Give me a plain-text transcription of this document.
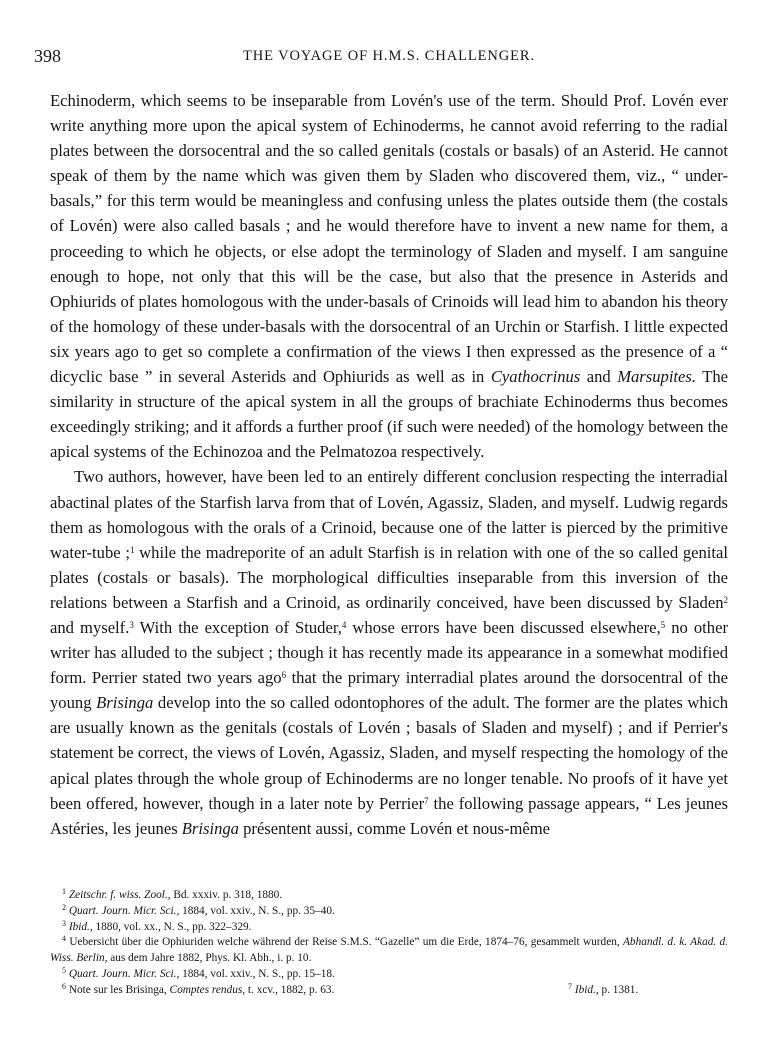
398	THE VOYAGE OF H.M.S. CHALLENGER.

Echinoderm, which seems to be inseparable from Lovén's use of the term. Should Prof. Lovén ever write anything more upon the apical system of Echinoderms, he cannot avoid referring to the radial plates between the dorsocentral and the so called genitals (costals or basals) of an Asterid. He cannot speak of them by the name which was given them by Sladen who discovered them, viz., “ under-basals,” for this term would be meaningless and confusing unless the plates outside them (the costals of Lovén) were also called basals ; and he would therefore have to invent a new name for them, a proceeding to which he objects, or else adopt the terminology of Sladen and myself. I am sanguine enough to hope, not only that this will be the case, but also that the presence in Asterids and Ophiurids of plates homologous with the under-basals of Crinoids will lead him to abandon his theory of the homology of these under-basals with the dorsocentral of an Urchin or Starfish. I little expected six years ago to get so complete a confirmation of the views I then expressed as the presence of a “ dicyclic base ” in several Asterids and Ophiurids as well as in Cyathocrinus and Marsupites. The similarity in structure of the apical system in all the groups of brachiate Echinoderms thus becomes exceedingly striking; and it affords a further proof (if such were needed) of the homology between the apical systems of the Echinozoa and the Pelmatozoa respectively.

Two authors, however, have been led to an entirely different conclusion respecting the interradial abactinal plates of the Starfish larva from that of Lovén, Agassiz, Sladen, and myself. Ludwig regards them as homologous with the orals of a Crinoid, because one of the latter is pierced by the primitive water-tube ;$^1$ while the madreporite of an adult Starfish is in relation with one of the so called genital plates (costals or basals). The morphological difficulties inseparable from this inversion of the relations between a Starfish and a Crinoid, as ordinarily conceived, have been discussed by Sladen$^2$ and myself.$^3$ With the exception of Studer,$^4$ whose errors have been discussed elsewhere,$^5$ no other writer has alluded to the subject ; though it has recently made its appearance in a somewhat modified form. Perrier stated two years ago$^6$ that the primary interradial plates around the dorsocentral of the young Brisinga develop into the so called odontophores of the adult. The former are the plates which are usually known as the genitals (costals of Lovén ; basals of Sladen and myself) ; and if Perrier's statement be correct, the views of Lovén, Agassiz, Sladen, and myself respecting the homology of the apical plates through the whole group of Echinoderms are no longer tenable. No proofs of it have yet been offered, however, though in a later note by Perrier$^7$ the following passage appears, “ Les jeunes Astéries, les jeunes Brisinga présentent aussi, comme Lovén et nous-même

$^1$ Zeitschr. f. wiss. Zool., Bd. xxxiv. p. 318, 1880.

$^2$ Quart. Journ. Micr. Sci., 1884, vol. xxiv., N. S., pp. 35–40.

$^3$ Ibid., 1880, vol. xx., N. S., pp. 322–329.

$^4$ Uebersicht über die Ophiuriden welche während der Reise S.M.S. “Gazelle” um die Erde, 1874–76, gesammelt wurden, Abhandl. d. k. Akad. d. Wiss. Berlin, aus dem Jahre 1882, Phys. Kl. Abh., i. p. 10.

$^5$ Quart. Journ. Micr. Sci., 1884, vol. xxiv., N. S., pp. 15–18.

$^6$ Note sur les Brisinga, Comptes rendus, t. xcv., 1882, p. 63.	$^7$ Ibid., p. 1381.
